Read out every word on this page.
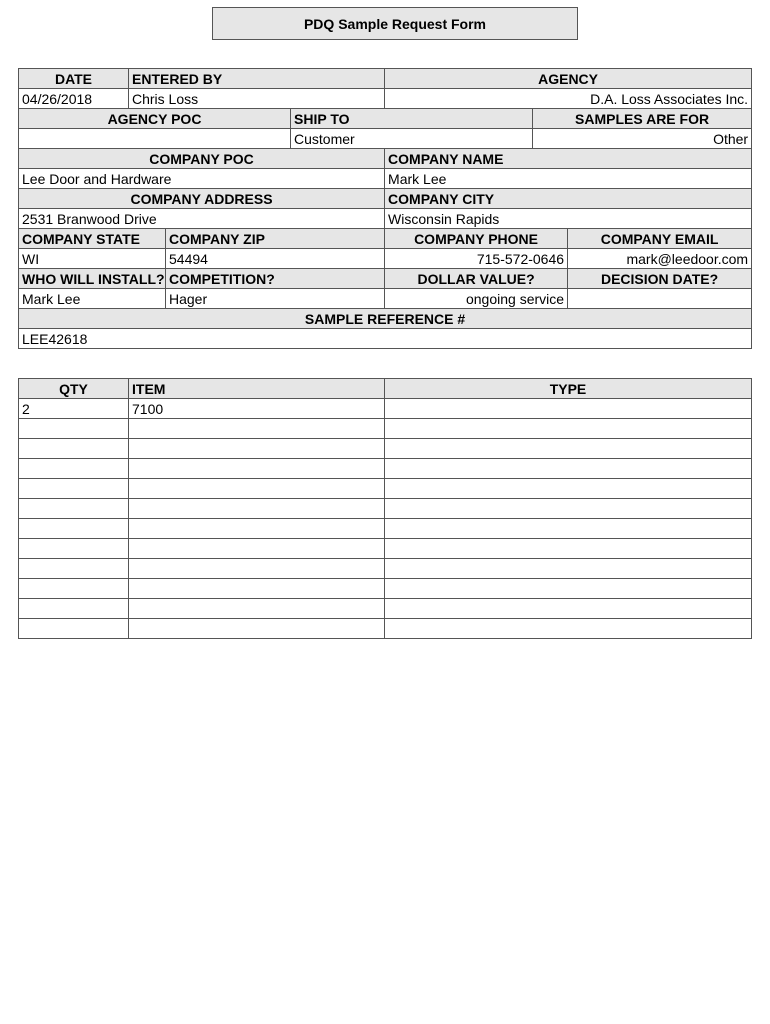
PDQ Sample Request Form
DATE	ENTERED BY			AGENCY		
04/26/2018	Chris Loss			D.A. Loss Associates Inc.		
AGENCY POC			SHIP TO		SAMPLES ARE FOR	
			Customer		Other	
COMPANY POC				COMPANY NAME		
Lee Door and Hardware				Mark Lee		
COMPANY ADDRESS				COMPANY CITY		
2531 Branwood Drive				Wisconsin Rapids		
COMPANY STATE		COMPANY ZIP		COMPANY PHONE		COMPANY EMAIL
WI		54494		715-572-0646		mark@leedoor.com
WHO WILL INSTALL?		COMPETITION?		DOLLAR VALUE?		DECISION DATE?
Mark Lee		Hager		ongoing service		
SAMPLE REFERENCE #						
LEE42618						
QTY	ITEM	TYPE
2	7100	
